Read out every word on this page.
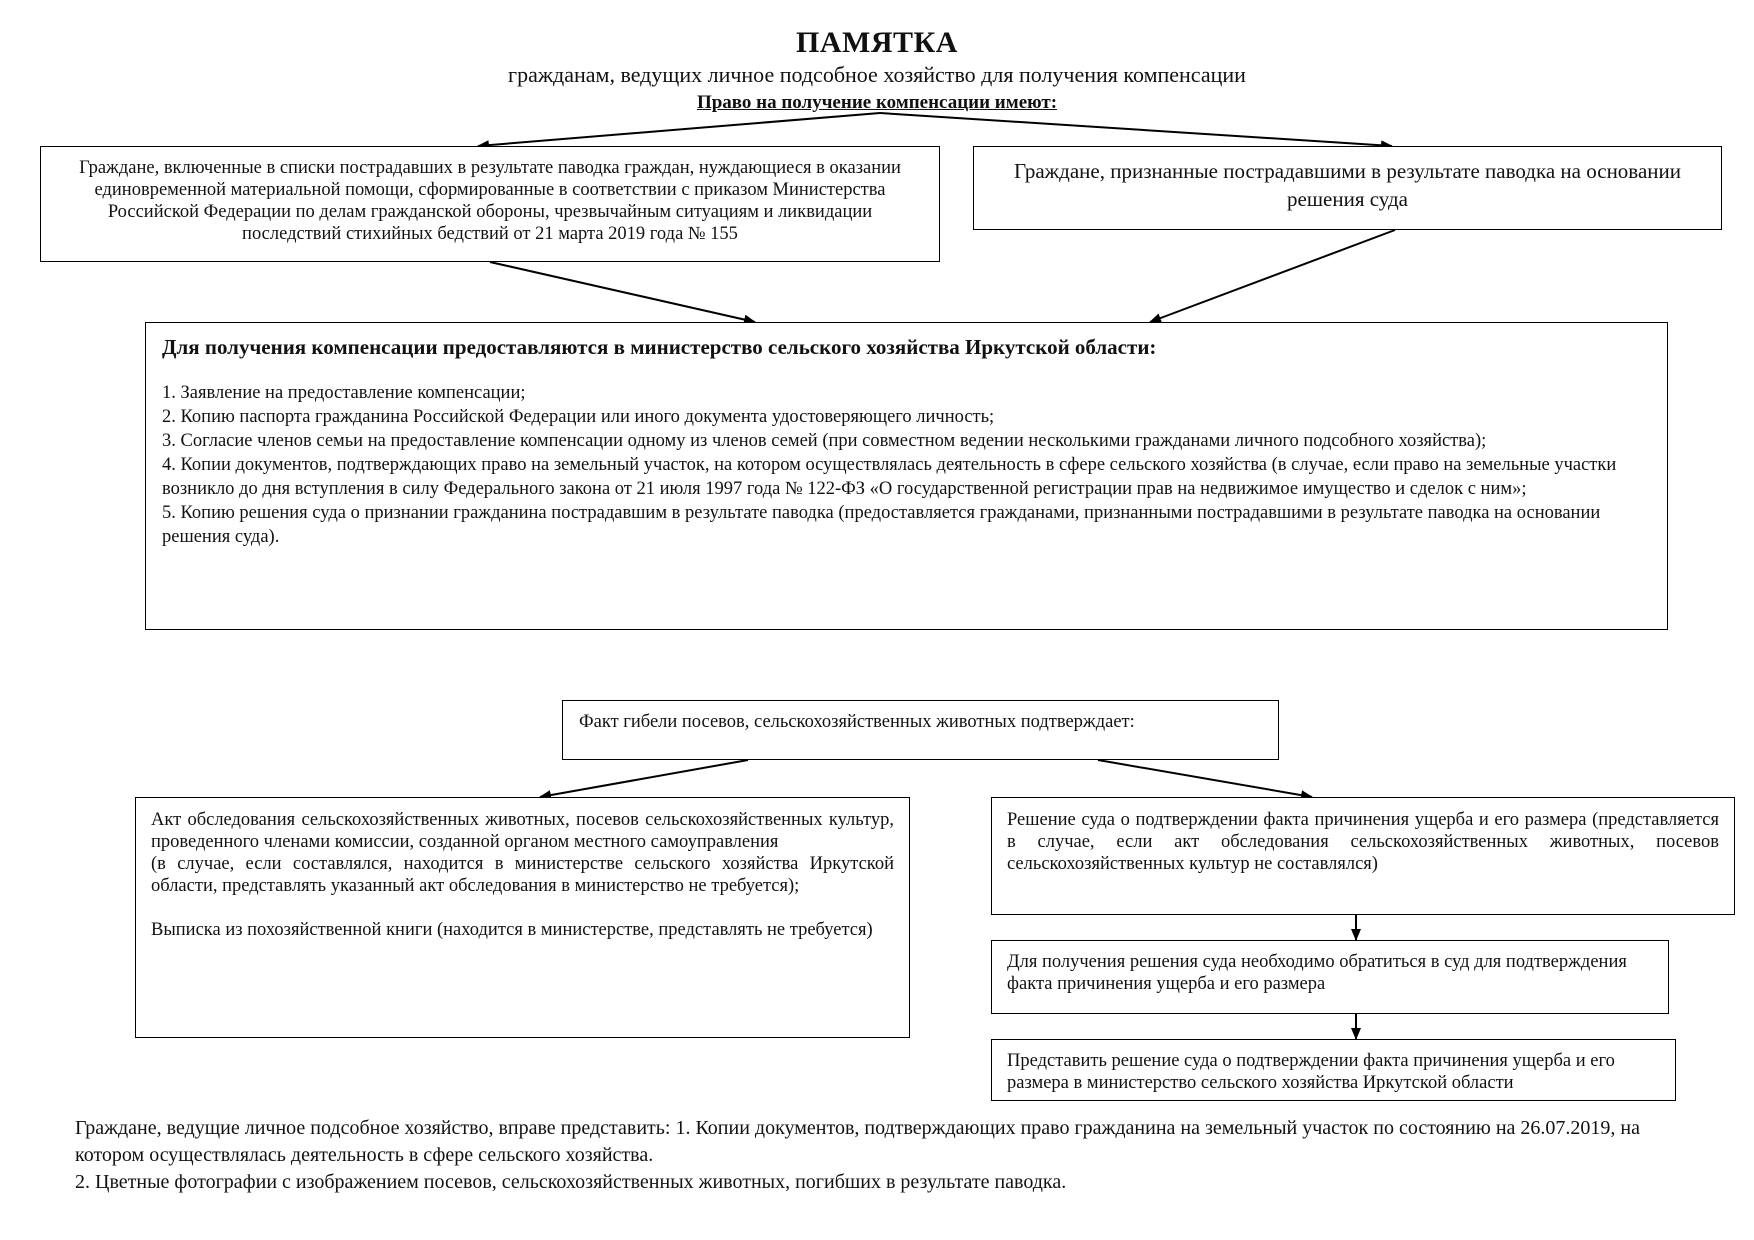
ПАМЯТКА
гражданам, ведущих личное подсобное хозяйство для получения компенсации
Право на получение компенсации имеют:

Граждане, включенные в списки пострадавших в результате паводка граждан, нуждающиеся в оказании единовременной материальной помощи, сформированные в соответствии с приказом Министерства Российской Федерации по делам гражданской обороны, чрезвычайным ситуациям и ликвидации последствий стихийных бедствий от 21 марта 2019 года № 155

Граждане, признанные пострадавшими в результате паводка на основании решения суда

Для получения компенсации предоставляются в министерство сельского хозяйства Иркутской области:

1. Заявление на предоставление компенсации;

2. Копию паспорта гражданина Российской Федерации или иного документа удостоверяющего личность;

3. Согласие членов семьи на предоставление компенсации одному из членов семей (при совместном ведении несколькими гражданами личного подсобного хозяйства);

4. Копии документов, подтверждающих право на земельный участок, на котором осуществлялась деятельность в сфере сельского хозяйства (в случае, если право на земельные участки возникло до дня вступления в силу Федерального закона от 21 июля 1997 года № 122-ФЗ «О государственной регистрации прав на недвижимое имущество и сделок с ним»;

5. Копию решения суда о признании гражданина пострадавшим в результате паводка (предоставляется гражданами, признанными пострадавшими в результате паводка на основании решения суда).

Факт гибели посевов, сельскохозяйственных животных подтверждает:

Акт обследования сельскохозяйственных животных, посевов сельскохозяйственных культур, проведенного членами комиссии, созданной органом местного самоуправления

(в случае, если составлялся, находится в министерстве сельского хозяйства Иркутской области, представлять указанный акт обследования в министерство не требуется);

Выписка из похозяйственной книги (находится в министерстве, представлять не требуется)

Решение суда о подтверждении факта причинения ущерба и его размера (представляется в случае, если акт обследования сельскохозяйственных животных, посевов сельскохозяйственных культур не составлялся)

Для получения решения суда необходимо обратиться в суд для подтверждения факта причинения ущерба и его размера

Представить решение суда о подтверждении факта причинения ущерба и его размера в министерство сельского хозяйства Иркутской области

Граждане, ведущие личное подсобное хозяйство, вправе представить: 1. Копии документов, подтверждающих право гражданина на земельный участок по состоянию на 26.07.2019, на котором осуществлялась деятельность в сфере сельского хозяйства.

2. Цветные фотографии с изображением посевов, сельскохозяйственных животных, погибших в результате паводка.
